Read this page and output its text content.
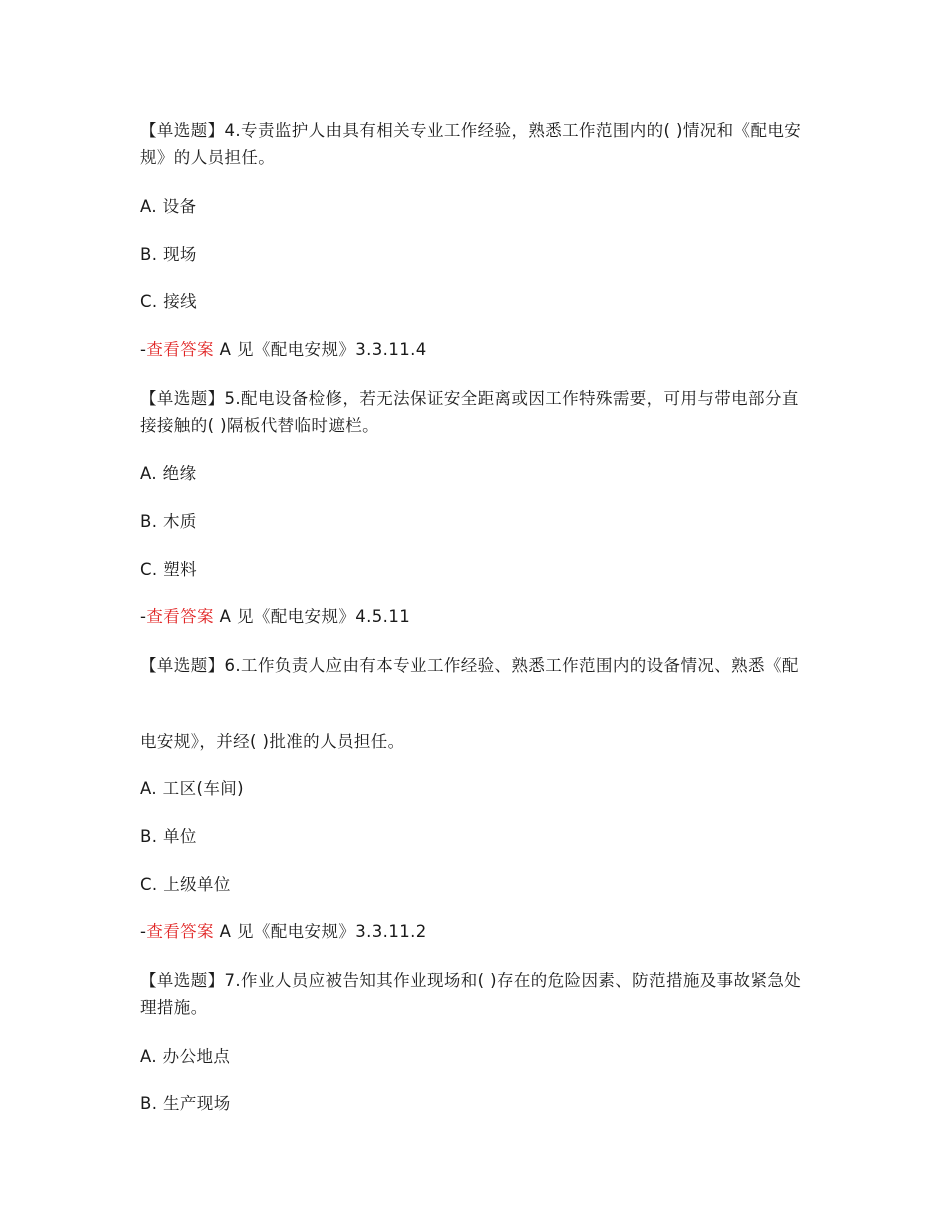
【单选题】4.专责监护人由具有相关专业工作经验，熟悉工作范围内的( )情况和《配电安规》的人员担任。
A. 设备
B. 现场
C. 接线
-查看答案 A 见《配电安规》3.3.11.4
【单选题】5.配电设备检修，若无法保证安全距离或因工作特殊需要，可用与带电部分直接接触的( )隔板代替临时遮栏。
A. 绝缘
B. 木质
C. 塑料
-查看答案 A 见《配电安规》4.5.11
【单选题】6.工作负责人应由有本专业工作经验、熟悉工作范围内的设备情况、熟悉《配
电安规》，并经( )批准的人员担任。
A. 工区(车间)
B. 单位
C. 上级单位
-查看答案 A 见《配电安规》3.3.11.2
【单选题】7.作业人员应被告知其作业现场和( )存在的危险因素、防范措施及事故紧急处理措施。
A. 办公地点
B. 生产现场
